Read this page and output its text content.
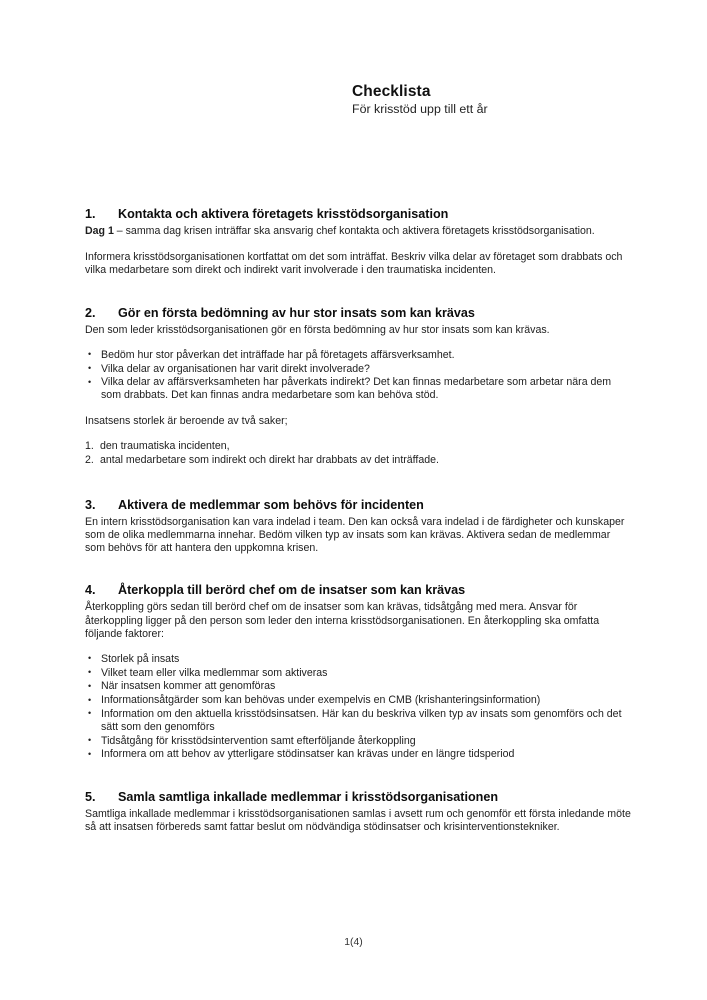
Checklista
För krisstöd upp till ett år
1.	Kontakta och aktivera företagets krisstödsorganisation

Dag 1 – samma dag krisen inträffar ska ansvarig chef kontakta och aktivera företagets krisstödsorganisation.

Informera krisstödsorganisationen kortfattat om det som inträffat. Beskriv vilka delar av företaget som drabbats och vilka medarbetare som direkt och indirekt varit involverade i den traumatiska incidenten.

2.	Gör en första bedömning av hur stor insats som kan krävas

Den som leder krisstödsorganisationen gör en första bedömning av hur stor insats som kan krävas.

• Bedöm hur stor påverkan det inträffade har på företagets affärsverksamhet.
• Vilka delar av organisationen har varit direkt involverade?
• Vilka delar av affärsverksamheten har påverkats indirekt? Det kan finnas medarbetare som arbetar nära dem som drabbats. Det kan finnas andra medarbetare som kan behöva stöd.

Insatsens storlek är beroende av två saker;

den traumatiska incidenten,
antal medarbetare som indirekt och direkt har drabbats av det inträffade.
3.	Aktivera de medlemmar som behövs för incidenten

En intern krisstödsorganisation kan vara indelad i team. Den kan också vara indelad i de färdigheter och kunskaper som de olika medlemmarna innehar. Bedöm vilken typ av insats som kan krävas. Aktivera sedan de medlemmar som behövs för att hantera den uppkomna krisen.

4.	Återkoppla till berörd chef om de insatser som kan krävas

Återkoppling görs sedan till berörd chef om de insatser som kan krävas, tidsåtgång med mera. Ansvar för återkoppling ligger på den person som leder den interna krisstödsorganisationen. En återkoppling ska omfatta följande faktorer:

• Storlek på insats
• Vilket team eller vilka medlemmar som aktiveras
• När insatsen kommer att genomföras
• Informationsåtgärder som kan behövas under exempelvis en CMB (krishanteringsinformation)
• Information om den aktuella krisstödsinsatsen. Här kan du beskriva vilken typ av insats som genomförs och det sätt som den genomförs
• Tidsåtgång för krisstödsintervention samt efterföljande återkoppling
• Informera om att behov av ytterligare stödinsatser kan krävas under en längre tidsperiod
5.	Samla samtliga inkallade medlemmar i krisstödsorganisationen

Samtliga inkallade medlemmar i krisstödsorganisationen samlas i avsett rum och genomför ett första inledande möte så att insatsen förbereds samt fattar beslut om nödvändiga stödinsatser och krisinterventionstekniker.

1(4)
